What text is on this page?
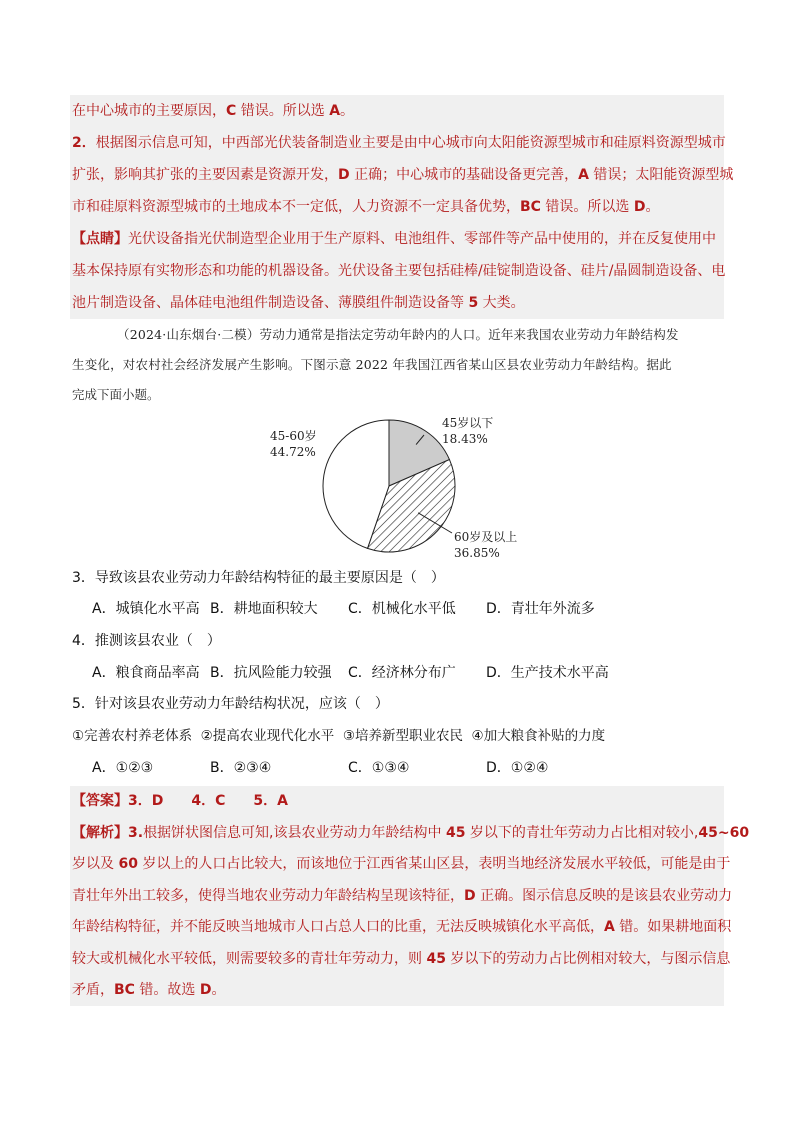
在中心城市的主要原因，C 错误。所以选 A。
2．根据图示信息可知，中西部光伏装备制造业主要是由中心城市向太阳能资源型城市和硅原料资源型城市
扩张，影响其扩张的主要因素是资源开发，D 正确；中心城市的基础设备更完善，A 错误；太阳能资源型城
市和硅原料资源型城市的土地成本不一定低，人力资源不一定具备优势，BC 错误。所以选 D。
【点睛】光伏设备指光伏制造型企业用于生产原料、电池组件、零部件等产品中使用的，并在反复使用中
基本保持原有实物形态和功能的机器设备。光伏设备主要包括硅棒/硅锭制造设备、硅片/晶圆制造设备、电
池片制造设备、晶体硅电池组件制造设备、薄膜组件制造设备等 5 大类。
（2024·山东烟台·二模）劳动力通常是指法定劳动年龄内的人口。近年来我国农业劳动力年龄结构发
生变化，对农村社会经济发展产生影响。下图示意 2022 年我国江西省某山区县农业劳动力年龄结构。据此
完成下面小题。
45岁以下
18.43%
60岁及以上
36.85%
45-60岁
44.72%
3．导致该县农业劳动力年龄结构特征的最主要原因是（　）
A．城镇化水平高 B．耕地面积较大 C．机械化水平低 D．青壮年外流多
4．推测该县农业（　）
A．粮食商品率高 B．抗风险能力较强 C．经济林分布广 D．生产技术水平高
5．针对该县农业劳动力年龄结构状况，应该（　）
①完善农村养老体系  ②提高农业现代化水平  ③培养新型职业农民  ④加大粮食补贴的力度
A．①②③	B．②③④	C．①③④	D．①②④
【答案】3．D　　4．C　　5．A
【解析】3.根据饼状图信息可知,该县农业劳动力年龄结构中 45 岁以下的青壮年劳动力占比相对较小,45~60
岁以及 60 岁以上的人口占比较大，而该地位于江西省某山区县，表明当地经济发展水平较低，可能是由于
青壮年外出工较多，使得当地农业劳动力年龄结构呈现该特征，D 正确。图示信息反映的是该县农业劳动力
年龄结构特征，并不能反映当地城市人口占总人口的比重，无法反映城镇化水平高低，A 错。如果耕地面积
较大或机械化水平较低，则需要较多的青壮年劳动力，则 45 岁以下的劳动力占比例相对较大，与图示信息
矛盾，BC 错。故选 D。
